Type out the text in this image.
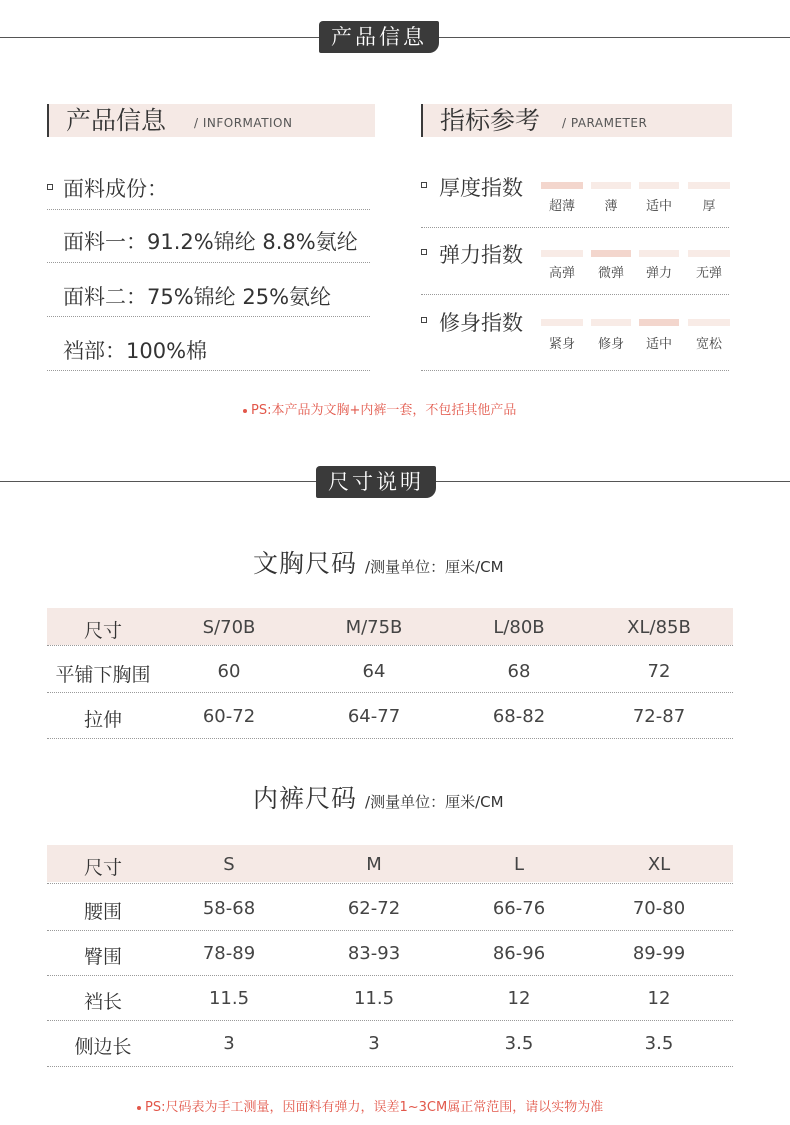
产品信息
产品信息 / INFORMATION
面料成份：
面料一：91.2%锦纶 8.8%氨纶
面料二：75%锦纶 25%氨纶
裆部：100%棉
指标参考 / PARAMETER
厚度指数
超薄	薄	适中	厚
弹力指数
高弹	微弹	弹力	无弹
修身指数
紧身	修身	适中	宽松
PS:本产品为文胸+内裤一套，不包括其他产品
尺寸说明
文胸尺码 /测量单位：厘米/CM
尺寸	S/70B	M/75B	L/80B	XL/85B
平铺下胸围	60	64	68	72
拉伸	60-72	64-77	68-82	72-87
内裤尺码 /测量单位：厘米/CM
尺寸	S	M	L	XL
腰围	58-68	62-72	66-76	70-80
臀围	78-89	83-93	86-96	89-99
裆长	11.5	11.5	12	12
侧边长	3	3	3.5	3.5
PS:尺码表为手工测量，因面料有弹力，误差1~3CM属正常范围，请以实物为准
